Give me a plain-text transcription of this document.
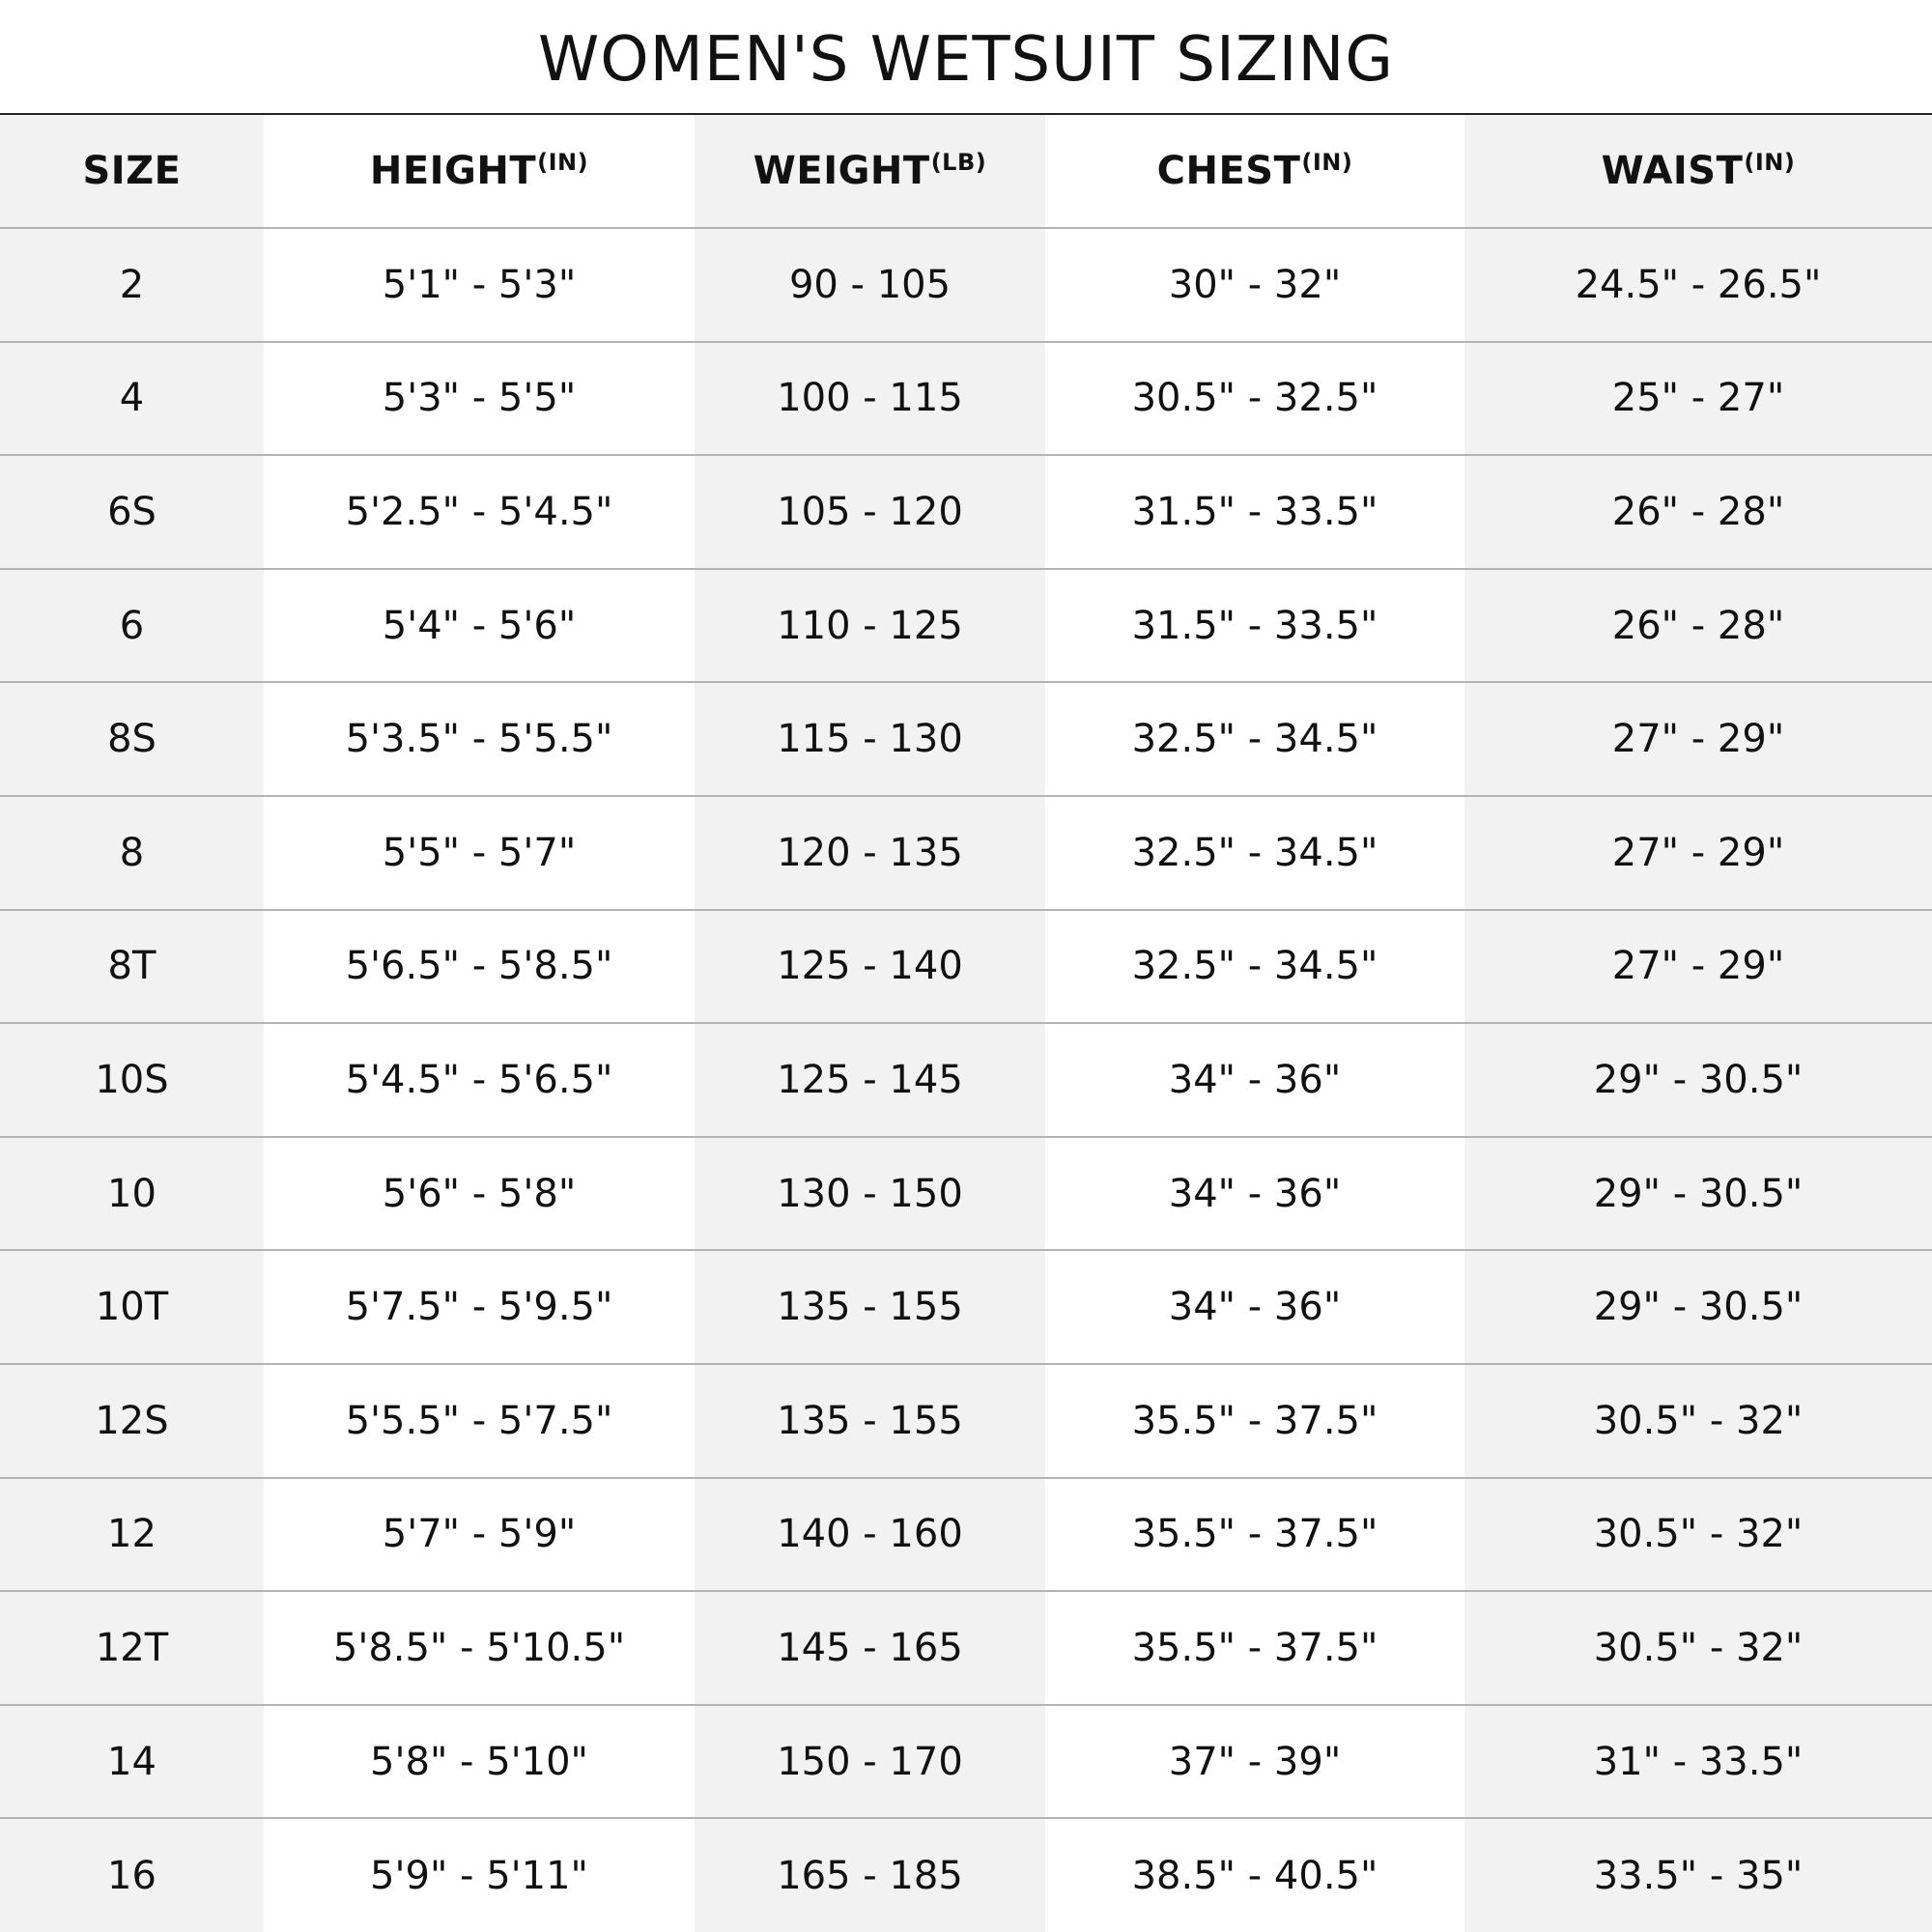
WOMEN'S WETSUIT SIZING
SIZE	$HEIGHT^{(IN)}$	$WEIGHT^{(LB)}$	$CHEST^{(IN)}$	$WAIST^{(IN)}$
2	5'1" - 5'3"	90 - 105	30" - 32"	24.5" - 26.5"
4	5'3" - 5'5"	100 - 115	30.5" - 32.5"	25" - 27"
6S	5'2.5" - 5'4.5"	105 - 120	31.5" - 33.5"	26" - 28"
6	5'4" - 5'6"	110 - 125	31.5" - 33.5"	26" - 28"
8S	5'3.5" - 5'5.5"	115 - 130	32.5" - 34.5"	27" - 29"
8	5'5" - 5'7"	120 - 135	32.5" - 34.5"	27" - 29"
8T	5'6.5" - 5'8.5"	125 - 140	32.5" - 34.5"	27" - 29"
10S	5'4.5" - 5'6.5"	125 - 145	34" - 36"	29" - 30.5"
10	5'6" - 5'8"	130 - 150	34" - 36"	29" - 30.5"
10T	5'7.5" - 5'9.5"	135 - 155	34" - 36"	29" - 30.5"
12S	5'5.5" - 5'7.5"	135 - 155	35.5" - 37.5"	30.5" - 32"
12	5'7" - 5'9"	140 - 160	35.5" - 37.5"	30.5" - 32"
12T	5'8.5" - 5'10.5"	145 - 165	35.5" - 37.5"	30.5" - 32"
14	5'8" - 5'10"	150 - 170	37" - 39"	31" - 33.5"
16	5'9" - 5'11"	165 - 185	38.5" - 40.5"	33.5" - 35"
